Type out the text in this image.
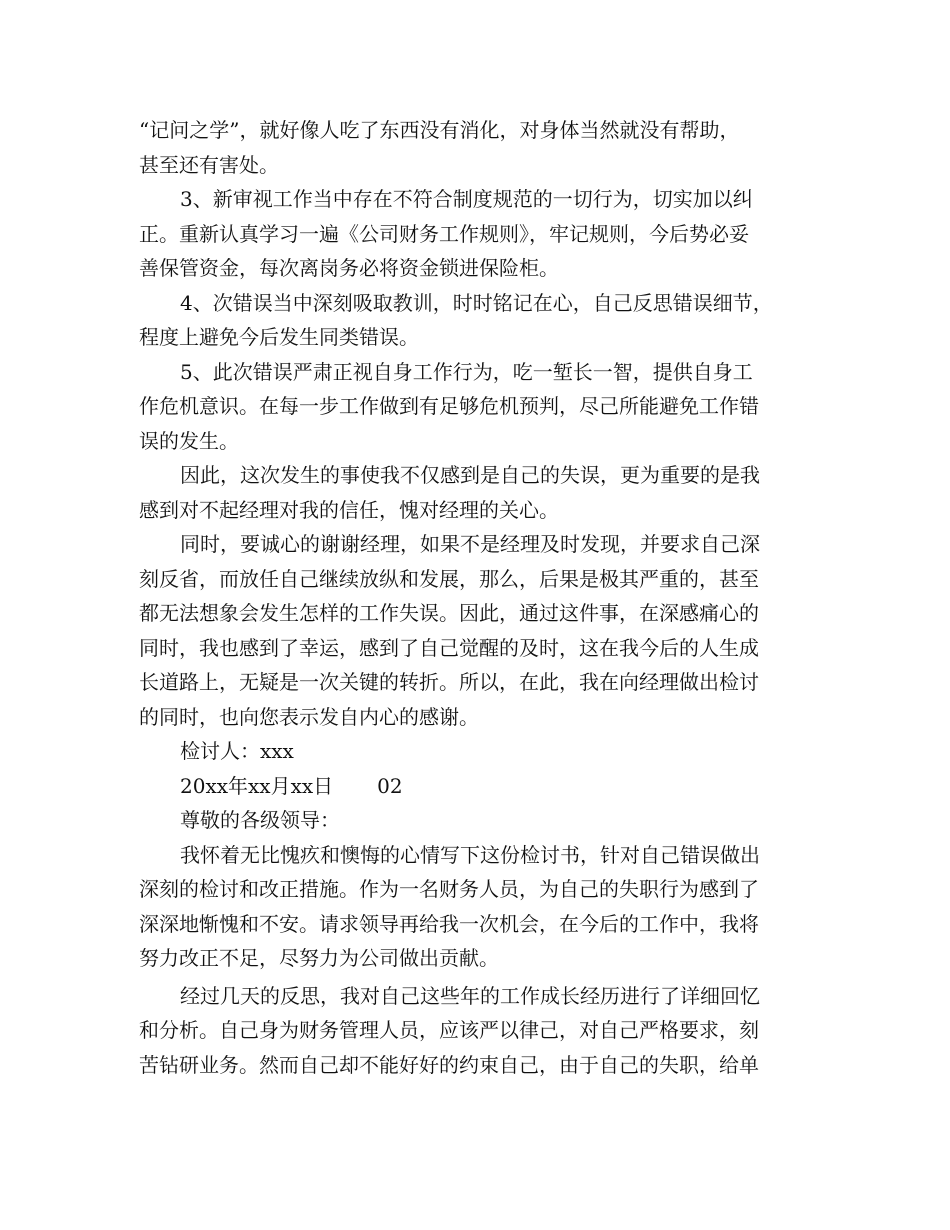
“记问之学”，就好像人吃了东西没有消化，对身体当然就没有帮助，
甚至还有害处。
3、新审视工作当中存在不符合制度规范的一切行为，切实加以纠
正。重新认真学习一遍《公司财务工作规则》，牢记规则，今后势必妥
善保管资金，每次离岗务必将资金锁进保险柜。
4、次错误当中深刻吸取教训，时时铭记在心，自己反思错误细节，
程度上避免今后发生同类错误。
5、此次错误严肃正视自身工作行为，吃一堑长一智，提供自身工
作危机意识。在每一步工作做到有足够危机预判，尽己所能避免工作错
误的发生。
因此，这次发生的事使我不仅感到是自己的失误，更为重要的是我
感到对不起经理对我的信任，愧对经理的关心。
同时，要诚心的谢谢经理，如果不是经理及时发现，并要求自己深
刻反省，而放任自己继续放纵和发展，那么，后果是极其严重的，甚至
都无法想象会发生怎样的工作失误。因此，通过这件事，在深感痛心的
同时，我也感到了幸运，感到了自己觉醒的及时，这在我今后的人生成
长道路上，无疑是一次关键的转折。所以，在此，我在向经理做出检讨
的同时，也向您表示发自内心的感谢。
检讨人：xxx
20xx年xx月xx日 02
尊敬的各级领导：
我怀着无比愧疚和懊悔的心情写下这份检讨书，针对自己错误做出
深刻的检讨和改正措施。作为一名财务人员，为自己的失职行为感到了
深深地惭愧和不安。请求领导再给我一次机会，在今后的工作中，我将
努力改正不足，尽努力为公司做出贡献。
经过几天的反思，我对自己这些年的工作成长经历进行了详细回忆
和分析。自己身为财务管理人员，应该严以律己，对自己严格要求，刻
苦钻研业务。然而自己却不能好好的约束自己，由于自己的失职，给单
